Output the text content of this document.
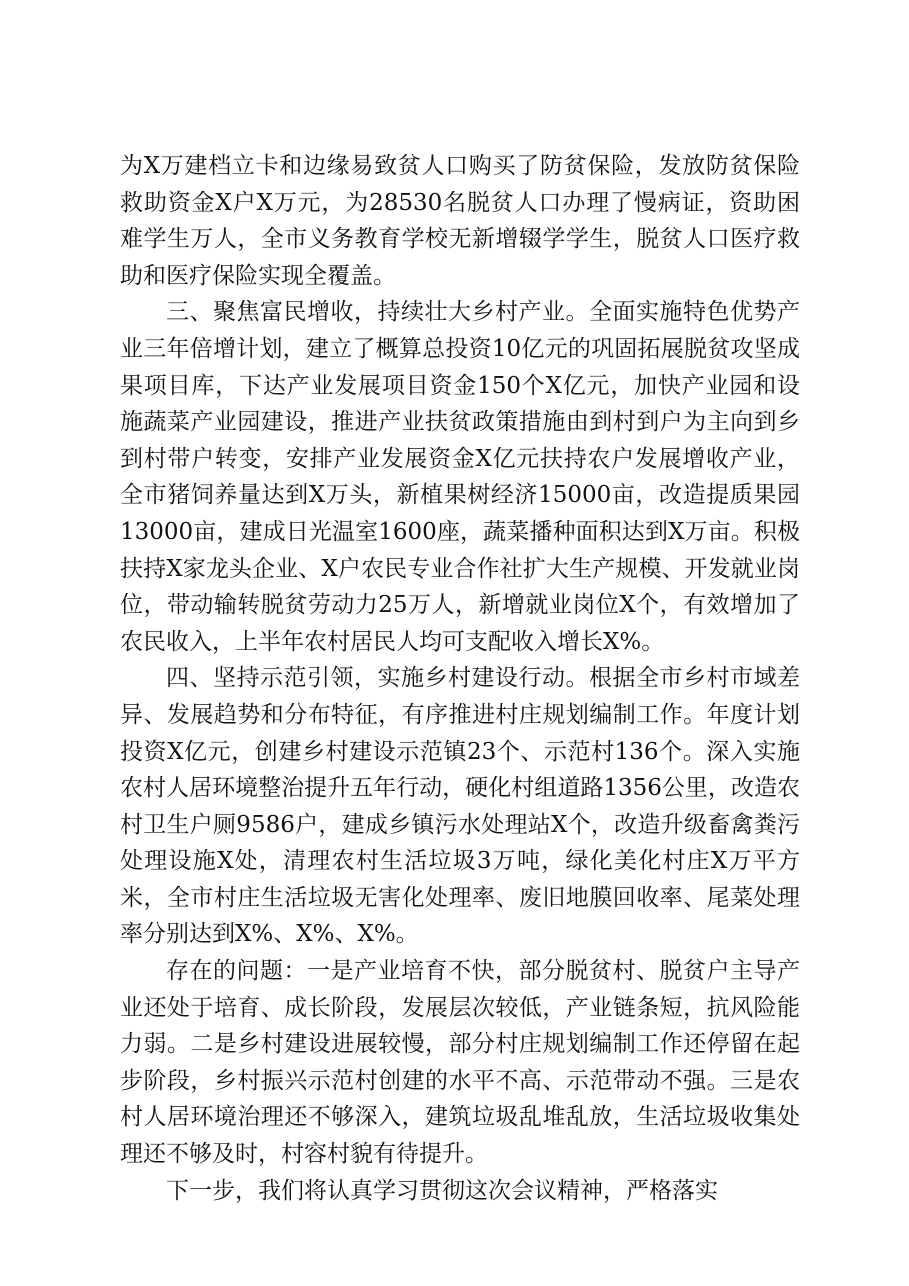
为X万建档立卡和边缘易致贫人口购买了防贫保险，发放防贫保险救助资金X户X万元，为28530名脱贫人口办理了慢病证，资助困难学生万人，全市义务教育学校无新增辍学学生，脱贫人口医疗救助和医疗保险实现全覆盖。

三、聚焦富民增收，持续壮大乡村产业。全面实施特色优势产业三年倍增计划，建立了概算总投资10亿元的巩固拓展脱贫攻坚成果项目库，下达产业发展项目资金150个X亿元，加快产业园和设施蔬菜产业园建设，推进产业扶贫政策措施由到村到户为主向到乡到村带户转变，安排产业发展资金X亿元扶持农户发展增收产业，全市猪饲养量达到X万头，新植果树经济15000亩，改造提质果园13000亩，建成日光温室1600座，蔬菜播种面积达到X万亩。积极扶持X家龙头企业、X户农民专业合作社扩大生产规模、开发就业岗位，带动输转脱贫劳动力25万人，新增就业岗位X个，有效增加了农民收入，上半年农村居民人均可支配收入增长X%。

四、坚持示范引领，实施乡村建设行动。根据全市乡村市域差异、发展趋势和分布特征，有序推进村庄规划编制工作。年度计划投资X亿元，创建乡村建设示范镇23个、示范村136个。深入实施农村人居环境整治提升五年行动，硬化村组道路1356公里，改造农村卫生户厕9586户，建成乡镇污水处理站X个，改造升级畜禽粪污处理设施X处，清理农村生活垃圾3万吨，绿化美化村庄X万平方米，全市村庄生活垃圾无害化处理率、废旧地膜回收率、尾菜处理率分别达到X%、X%、X%。

存在的问题：一是产业培育不快，部分脱贫村、脱贫户主导产业还处于培育、成长阶段，发展层次较低，产业链条短，抗风险能力弱。二是乡村建设进展较慢，部分村庄规划编制工作还停留在起步阶段，乡村振兴示范村创建的水平不高、示范带动不强。三是农村人居环境治理还不够深入，建筑垃圾乱堆乱放，生活垃圾收集处理还不够及时，村容村貌有待提升。

下一步，我们将认真学习贯彻这次会议精神，严格落实
